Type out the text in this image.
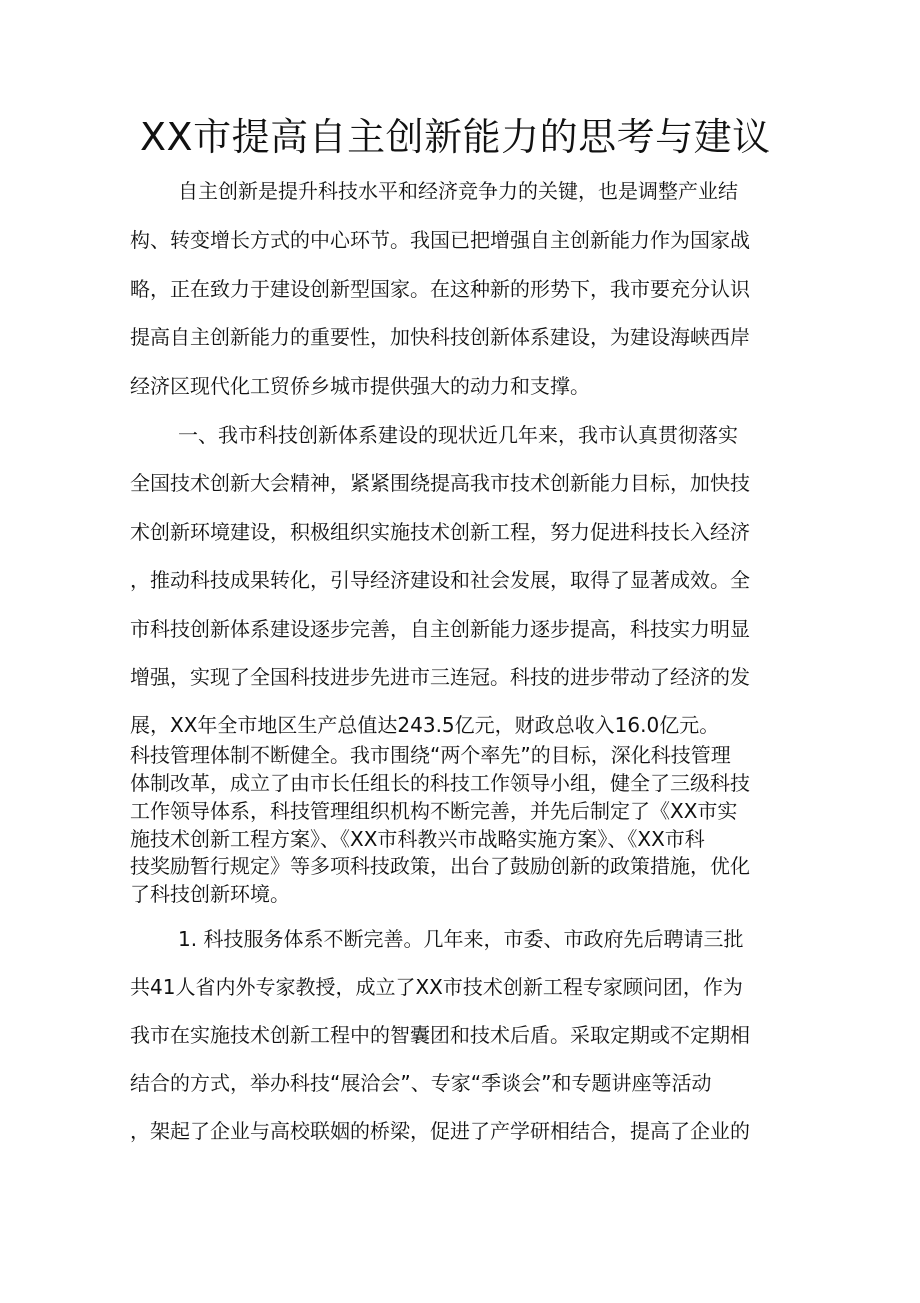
XX市提高自主创新能力的思考与建议
自主创新是提升科技水平和经济竞争力的关键，也是调整产业结
构、转变增长方式的中心环节。我国已把增强自主创新能力作为国家战
略，正在致力于建设创新型国家。在这种新的形势下，我市要充分认识
提高自主创新能力的重要性，加快科技创新体系建设，为建设海峡西岸
经济区现代化工贸侨乡城市提供强大的动力和支撑。
一、我市科技创新体系建设的现状近几年来，我市认真贯彻落实
全国技术创新大会精神，紧紧围绕提高我市技术创新能力目标，加快技
术创新环境建设，积极组织实施技术创新工程，努力促进科技长入经济
，推动科技成果转化，引导经济建设和社会发展，取得了显著成效。全
市科技创新体系建设逐步完善，自主创新能力逐步提高，科技实力明显
增强，实现了全国科技进步先进市三连冠。科技的进步带动了经济的发
展，XX年全市地区生产总值达243.5亿元，财政总收入16.0亿元。
科技管理体制不断健全。我市围绕“两个率先”的目标，深化科技管理
体制改革，成立了由市长任组长的科技工作领导小组，健全了三级科技
工作领导体系，科技管理组织机构不断完善，并先后制定了《XX市实
施技术创新工程方案》、《XX市科教兴市战略实施方案》、《XX市科
技奖励暂行规定》等多项科技政策，出台了鼓励创新的政策措施，优化
了科技创新环境。
1. 科技服务体系不断完善。几年来，市委、市政府先后聘请三批
共41人省内外专家教授，成立了XX市技术创新工程专家顾问团，作为
我市在实施技术创新工程中的智囊团和技术后盾。采取定期或不定期相
结合的方式，举办科技“展洽会”、专家“季谈会”和专题讲座等活动
，架起了企业与高校联姻的桥梁，促进了产学研相结合，提高了企业的
